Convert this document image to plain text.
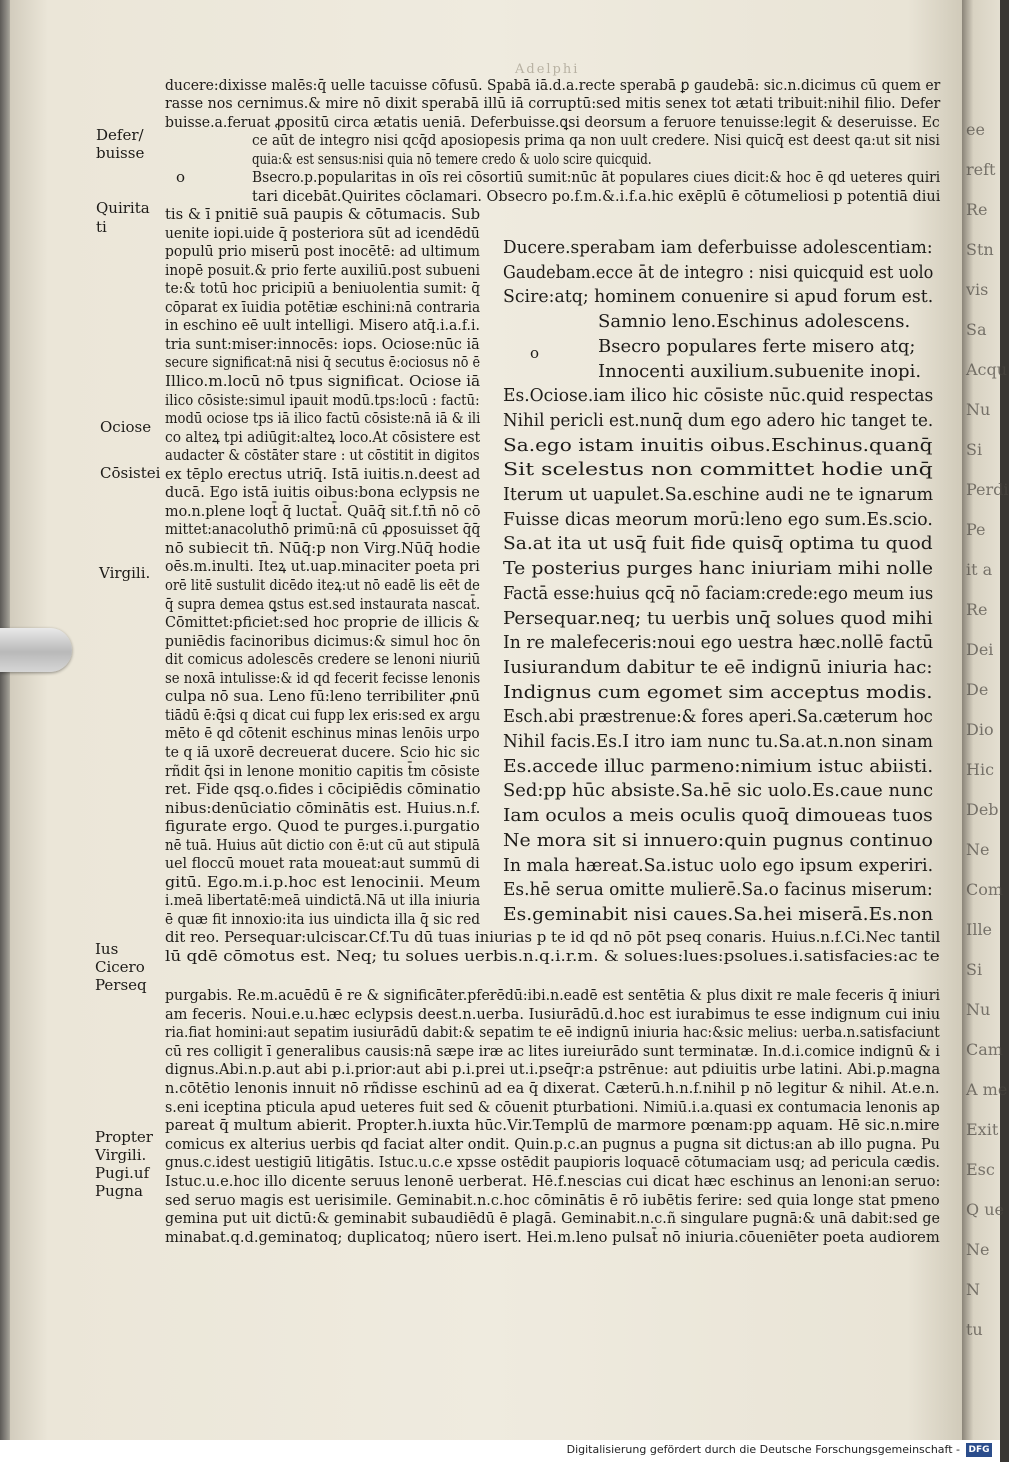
Adelphi
ducere:dixisse malēs:q̄ uelle tacuisse cōfusū. Spabā iā.d.a.recte sperabā ꝑ gaudebā: sic.n.dicimus cū quem er
rasse nos cernimus.& mire nō dixit sperabā illū iā corruptū:sed mitis senex tot ætati tribuit:nihil filio. Defer
buisse.a.feruat ꝓpositū circa ætatis ueniā. Deferbuisse.ꝗsi deorsum a feruore tenuisse:legit & deseruisse. Ec
ce aūt de integro nisi qcq̄d aposiopesis prima qa non uult credere. Nisi quicq̄ est deest qa:ut sit nisi
quia:& est sensus:nisi quia nō temere credo & uolo scire quicquid.
Bsecro.p.popularitas in oīs rei cōsortiū sumit:nūc āt populares ciues dicit:& hoc ē qd ueteres quiri
tari dicebāt.Quirites cōclamari. Obsecro po.f.m.&.i.f.a.hic exēplū ē cōtumeliosi p potentiā diui
tis & ī pnitiē suā paupis & cōtumacis. Sub
uenite iopi.uide q̄ posteriora sūt ad icendēdū
populū prio miserū post inocētē: ad ultimum
inopē posuit.& prio ferte auxiliū.post subueni
te:& totū hoc pricipiū a beniuolentia sumit: q̄
cōparat ex īuidia potētiæ eschini:nā contraria
in eschino eē uult intelligi. Misero atq̄.i.a.f.i.
tria sunt:miser:innocēs: iops. Ociose:nūc iā
secure significat:nā nisi q̄ secutus ē:ociosus nō ē
Illico.m.locū nō tpus significat. Ociose iā
ilico cōsiste:simul ipauit modū.tps:locū : factū:
modū ociose tps iā ilico factū cōsiste:nā iā & ili
co alteꝝ tpi adiūgit:alteꝝ loco.At cōsistere est
audacter & cōstāter stare : ut cōstitit in digitos
ex tēplo erectus utriq̄. Istā iuitis.n.deest ad
ducā. Ego istā iuitis oibus:bona eclypsis ne
mo.n.plene loqt̄ q̄ luctat̄. Quāq̄ sit.f.tn̄ nō cō
mittet:anacoluthō primū:nā cū ꝓposuisset q̄q̄
nō subiecit tn̄. Nūq̄:p non Virg.Nūq̄ hodie
oēs.m.inulti. Iteꝝ ut.uap.minaciter poeta pri
orē litē sustulit dicēdo iteꝝ:ut nō eadē lis eēt de
q̄ supra demea ꝗstus est.sed instaurata nascat̄.
Cōmittet:pficiet:sed hoc proprie de illicis &
puniēdis facinoribus dicimus:& simul hoc ōn
dit comicus adolescēs credere se lenoni niuriū
se noxā intulisse:& id qd fecerit fecisse lenonis
culpa nō sua. Leno fū:leno terribiliter ꝓnū
tiādū ē:q̄si q dicat cui fupp lex eris:sed ex argu
mēto ē qd cōtenit eschinus minas lenōis urpo
te q iā uxorē decreuerat ducere. Scio hic sic
rñdit q̄si in lenone monitio capitis t̄m cōsiste
ret. Fide qsq.o.fides i cōcipiēdis cōminatio
nibus:denūciatio cōminātis est. Huius.n.f.
figurate ergo. Quod te purges.i.purgatio
nē tuā. Huius aūt dictio con ē:ut cū aut stipulā
uel floccū mouet rata moueat:aut summū di
gitū. Ego.m.i.p.hoc est lenocinii. Meum
i.meā libertatē:meā uindictā.Nā ut illa iniuria
ē quæ fit innoxio:ita ius uindicta illa q̄ sic red
dit reo. Persequar:ulciscar.Cf.Tu dū tuas iniurias p te id qd nō pōt pseq conaris. Huius.n.f.Ci.Nec tantil
lū qdē cōmotus est. Neq; tu solues uerbis.n.q.i.r.m. & solues:lues:psolues.i.satisfacies:ac te
Ducere.sperabam iam deferbuisse adolescentiam:
Gaudebam.ecce āt de integro : nisi quicquid est uolo
Scire:atq; hominem conuenire si apud forum est.
Samnio leno.Eschinus adolescens.
Bsecro populares ferte misero atq;
Innocenti auxilium.subuenite inopi.
Es.Ociose.iam ilico hic cōsiste nūc.quid respectas
Nihil pericli est.nunq̄ dum ego adero hic tanget te.
Sa.ego istam inuitis oibus.Eschinus.quanq̄
Sit scelestus non committet hodie unq̄
Iterum ut uapulet.Sa.eschine audi ne te ignarum
Fuisse dicas meorum morū:leno ego sum.Es.scio.
Sa.at ita ut usq̄ fuit fide quisq̄ optima tu quod
Te posterius purges hanc iniuriam mihi nolle
Factā esse:huius qcq̄ nō faciam:crede:ego meum ius
Persequar.neq; tu uerbis unq̄ solues quod mihi
In re malefeceris:noui ego uestra hæc.nollē factū
Iusiurandum dabitur te eē indignū iniuria hac:
Indignus cum egomet sim acceptus modis.
Esch.abi præstrenue:& fores aperi.Sa.cæterum hoc
Nihil facis.Es.I itro iam nunc tu.Sa.at.n.non sinam
Es.accede illuc parmeno:nimium istuc abiisti.
Sed:pp hūc absiste.Sa.hē sic uolo.Es.caue nunc
Iam oculos a meis oculis quoq̄ dimoueas tuos
Ne mora sit si innuero:quin pugnus continuo
In mala hæreat.Sa.istuc uolo ego ipsum experiri.
Es.hē serua omitte mulierē.Sa.o facinus miserum:
Es.geminabit nisi caues.Sa.hei miserā.Es.non
purgabis. Re.m.acuēdū ē re & significāter.pferēdū:ibi.n.eadē est sentētia & plus dixit re male feceris q̄ iniuri
am feceris. Noui.e.u.hæc eclypsis deest.n.uerba. Iusiurādū.d.hoc est iurabimus te esse indignum cui iniu
ria.fiat homini:aut sepatim iusiurādū dabit:& sepatim te eē indignū iniuria hac:&sic melius: uerba.n.satisfaciunt
cū res colligit ī generalibus causis:nā sæpe iræ ac lites iureiurādo sunt terminatæ. In.d.i.comice indignū & i
dignus.Abi.n.p.aut abi p.i.prior:aut abi p.i.prei ut.i.pseq̄r:a pstrēnue: aut pdiuitis urbe latini. Abi.p.magna
n.cōtētio lenonis innuit nō rñdisse eschinū ad ea q̄ dixerat. Cæterū.h.n.f.nihil p nō legitur & nihil. At.e.n.
s.eni iceptina pticula apud ueteres fuit sed & cōuenit pturbationi. Nimiū.i.a.quasi ex contumacia lenonis ap
pareat q̄ multum abierit. Propter.h.iuxta hūc.Vir.Templū de marmore pœnam:pp aquam. Hē sic.n.mire
comicus ex alterius uerbis qd faciat alter ondit. Quin.p.c.an pugnus a pugna sit dictus:an ab illo pugna. Pu
gnus.c.idest uestigiū litigātis. Istuc.u.c.e xpsse ostēdit paupioris loquacē cōtumaciam usq; ad pericula cædis.
Istuc.u.e.hoc illo dicente seruus lenonē uerberat. Hē.f.nescias cui dicat hæc eschinus an lenoni:an seruo:
sed seruo magis est uerisimile. Geminabit.n.c.hoc cōminātis ē rō iubētis ferire: sed quia longe stat pmeno
gemina put uit dictū:& geminabit subaudiēdū ē plagā. Geminabit.n.c.ñ singulare pugnā:& unā dabit:sed ge
minabat.q.d.geminatoq; duplicatoq; nūero isert. Hei.m.leno pulsat̄ nō iniuria.cōueniēter poeta audiorem
Defer/
buisse
Quirita
ti
Ociose
Cōsistei
Virgili.
Ius
Cicero
Perseq
Propter
Virgili.
Pugi.uf
Pugna
o
o
ee
reft
Re
Stn
vis
Sa
Acqu
Nu
Si
Perdi
Pe
it a
Re
Dei
De
Dio
Hic
Deb
Ne
Com
Ille
Si
Nu
Cam
A me
Exit
Esc
Q ue
Ne
N
tu
Digitalisierung gefördert durch die Deutsche Forschungsgemeinschaft - DFG
